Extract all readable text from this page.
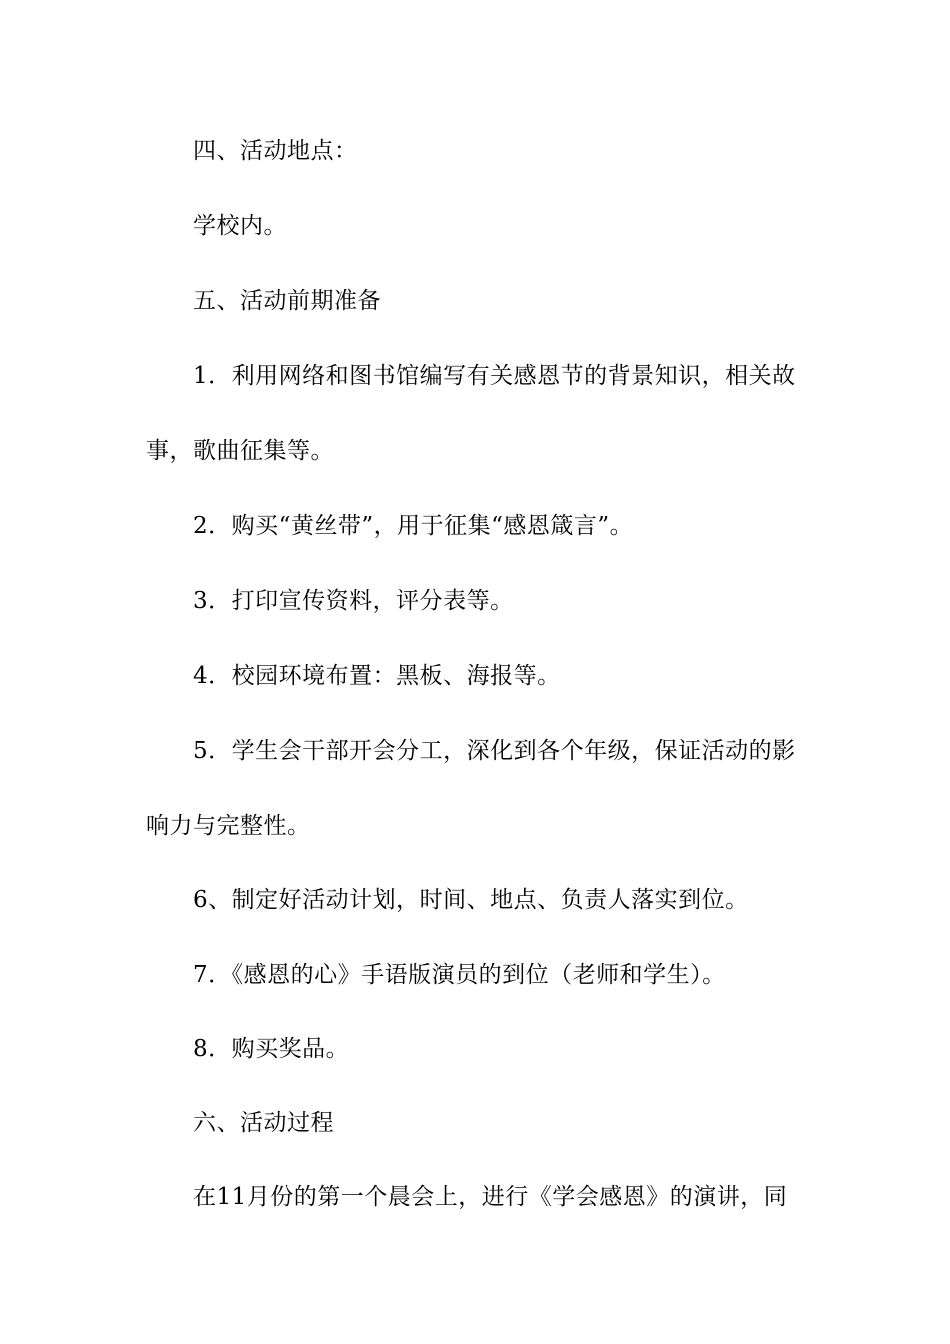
四、活动地点：
学校内。
五、活动前期准备
1．利用网络和图书馆编写有关感恩节的背景知识，相关故
事，歌曲征集等。
2．购买“黄丝带”，用于征集“感恩箴言”。
3．打印宣传资料，评分表等。
4．校园环境布置：黑板、海报等。
5．学生会干部开会分工，深化到各个年级，保证活动的影
响力与完整性。
6、制定好活动计划，时间、地点、负责人落实到位。
7．《感恩的心》手语版演员的到位（老师和学生）。
8．购买奖品。
六、活动过程
在11月份的第一个晨会上，进行《学会感恩》的演讲，同
